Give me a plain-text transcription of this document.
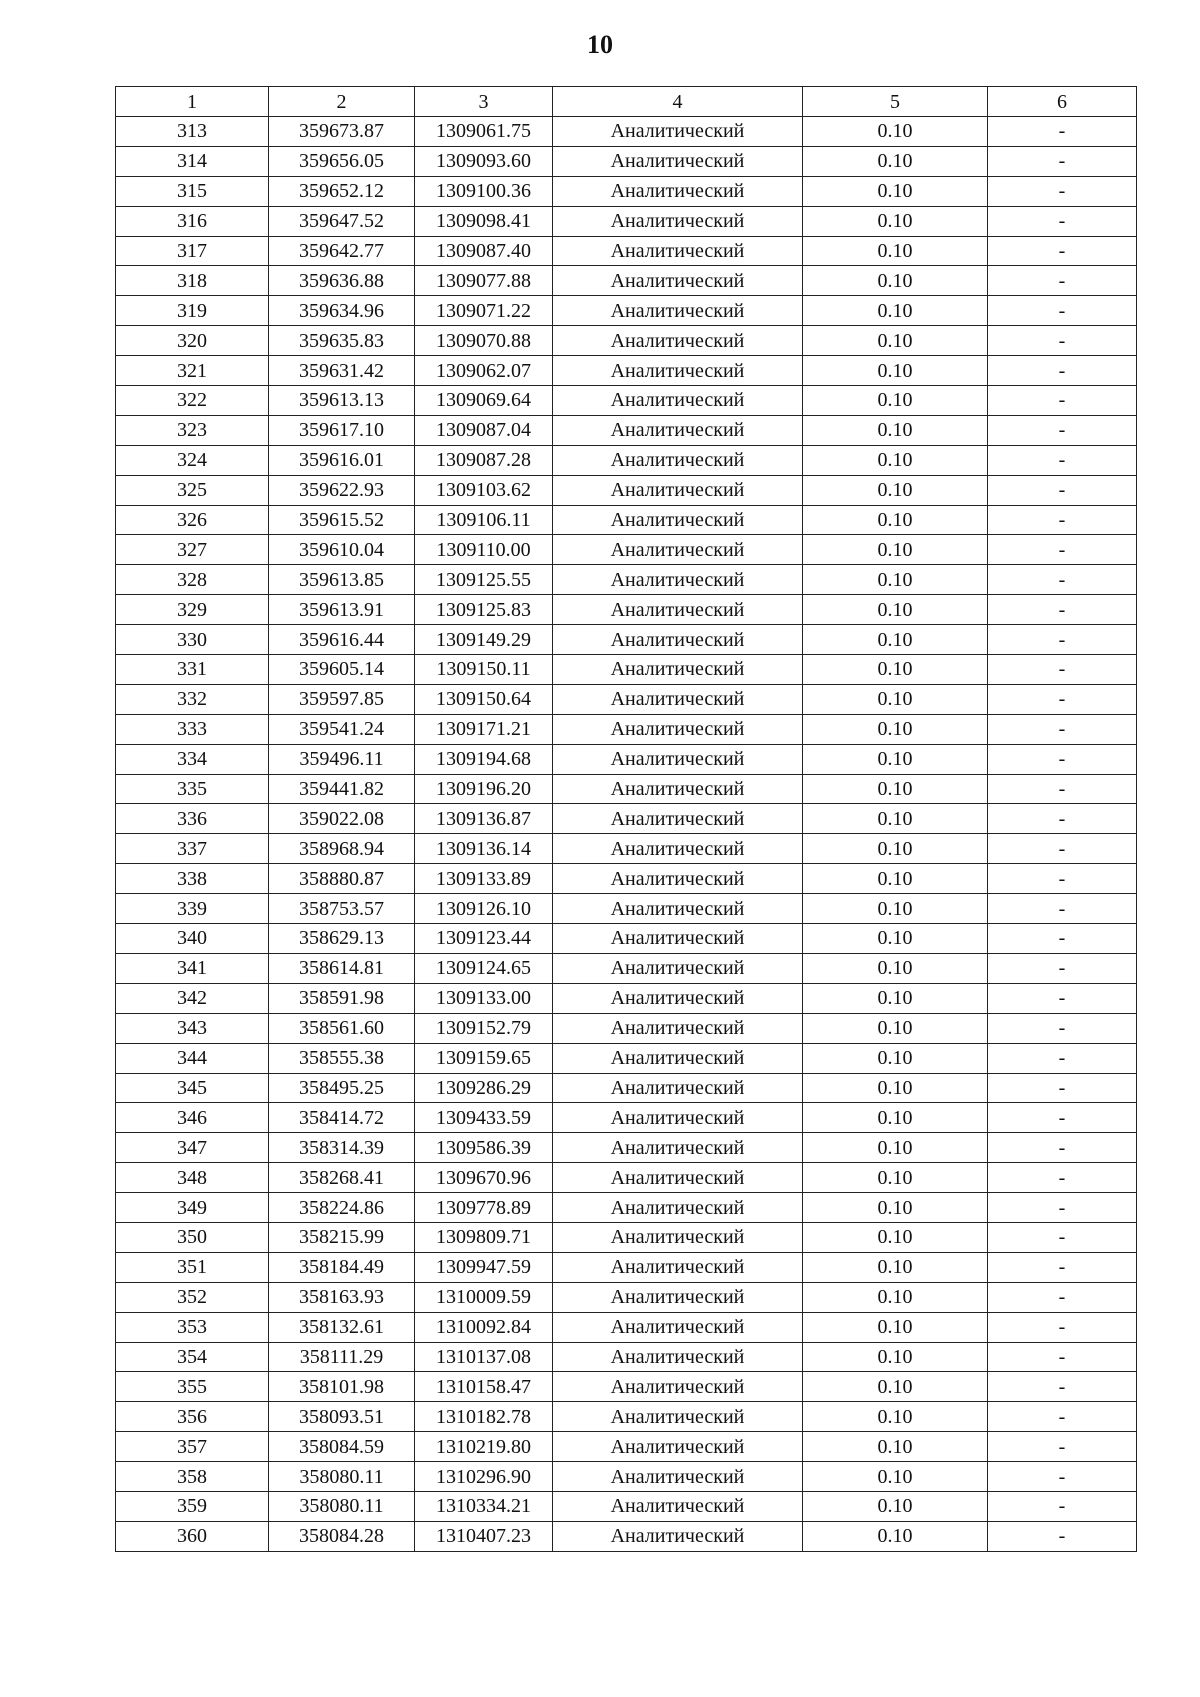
10
1	2	3	4	5	6
313	359673.87	1309061.75	Аналитический	0.10	-
314	359656.05	1309093.60	Аналитический	0.10	-
315	359652.12	1309100.36	Аналитический	0.10	-
316	359647.52	1309098.41	Аналитический	0.10	-
317	359642.77	1309087.40	Аналитический	0.10	-
318	359636.88	1309077.88	Аналитический	0.10	-
319	359634.96	1309071.22	Аналитический	0.10	-
320	359635.83	1309070.88	Аналитический	0.10	-
321	359631.42	1309062.07	Аналитический	0.10	-
322	359613.13	1309069.64	Аналитический	0.10	-
323	359617.10	1309087.04	Аналитический	0.10	-
324	359616.01	1309087.28	Аналитический	0.10	-
325	359622.93	1309103.62	Аналитический	0.10	-
326	359615.52	1309106.11	Аналитический	0.10	-
327	359610.04	1309110.00	Аналитический	0.10	-
328	359613.85	1309125.55	Аналитический	0.10	-
329	359613.91	1309125.83	Аналитический	0.10	-
330	359616.44	1309149.29	Аналитический	0.10	-
331	359605.14	1309150.11	Аналитический	0.10	-
332	359597.85	1309150.64	Аналитический	0.10	-
333	359541.24	1309171.21	Аналитический	0.10	-
334	359496.11	1309194.68	Аналитический	0.10	-
335	359441.82	1309196.20	Аналитический	0.10	-
336	359022.08	1309136.87	Аналитический	0.10	-
337	358968.94	1309136.14	Аналитический	0.10	-
338	358880.87	1309133.89	Аналитический	0.10	-
339	358753.57	1309126.10	Аналитический	0.10	-
340	358629.13	1309123.44	Аналитический	0.10	-
341	358614.81	1309124.65	Аналитический	0.10	-
342	358591.98	1309133.00	Аналитический	0.10	-
343	358561.60	1309152.79	Аналитический	0.10	-
344	358555.38	1309159.65	Аналитический	0.10	-
345	358495.25	1309286.29	Аналитический	0.10	-
346	358414.72	1309433.59	Аналитический	0.10	-
347	358314.39	1309586.39	Аналитический	0.10	-
348	358268.41	1309670.96	Аналитический	0.10	-
349	358224.86	1309778.89	Аналитический	0.10	-
350	358215.99	1309809.71	Аналитический	0.10	-
351	358184.49	1309947.59	Аналитический	0.10	-
352	358163.93	1310009.59	Аналитический	0.10	-
353	358132.61	1310092.84	Аналитический	0.10	-
354	358111.29	1310137.08	Аналитический	0.10	-
355	358101.98	1310158.47	Аналитический	0.10	-
356	358093.51	1310182.78	Аналитический	0.10	-
357	358084.59	1310219.80	Аналитический	0.10	-
358	358080.11	1310296.90	Аналитический	0.10	-
359	358080.11	1310334.21	Аналитический	0.10	-
360	358084.28	1310407.23	Аналитический	0.10	-
